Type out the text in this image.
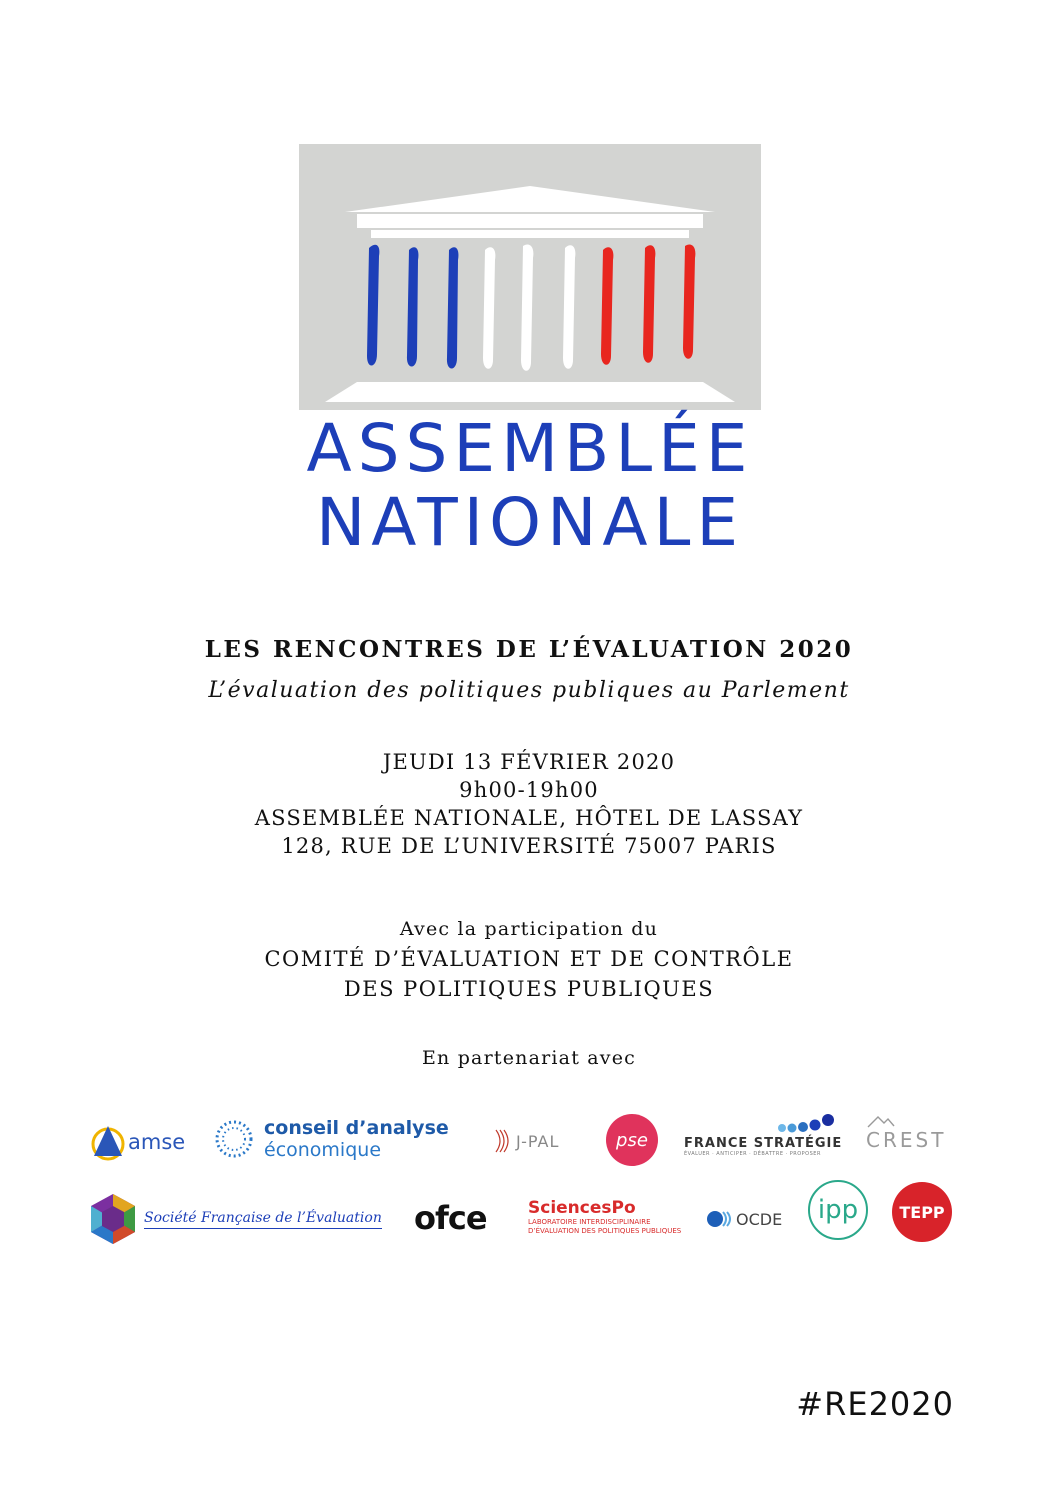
ASSEMBLÉE
NATIONALE
LES RENCONTRES DE L’ÉVALUATION 2020
L’évaluation des politiques publiques au Parlement
JEUDI 13 FÉVRIER 2020
9h00-19h00
ASSEMBLÉE NATIONALE, HÔTEL DE LASSAY
128, RUE DE L’UNIVERSITÉ 75007 PARIS
Avec la participation du
COMITÉ D’ÉVALUATION ET DE CONTRÔLE
DES POLITIQUES PUBLIQUES
En partenariat avec
amse
conseil d’analyse
économique	J-PAL	pse	FRANCE STRATÉGIE
ÉVALUER · ANTICIPER · DÉBATTRE · PROPOSER
CREST
Société Française de l’Évaluation ofce SciencesPo
LABORATOIRE INTERDISCIPLINAIRE
D’ÉVALUATION DES POLITIQUES PUBLIQUES
OCDE ipp	TEPP
#RE2020
